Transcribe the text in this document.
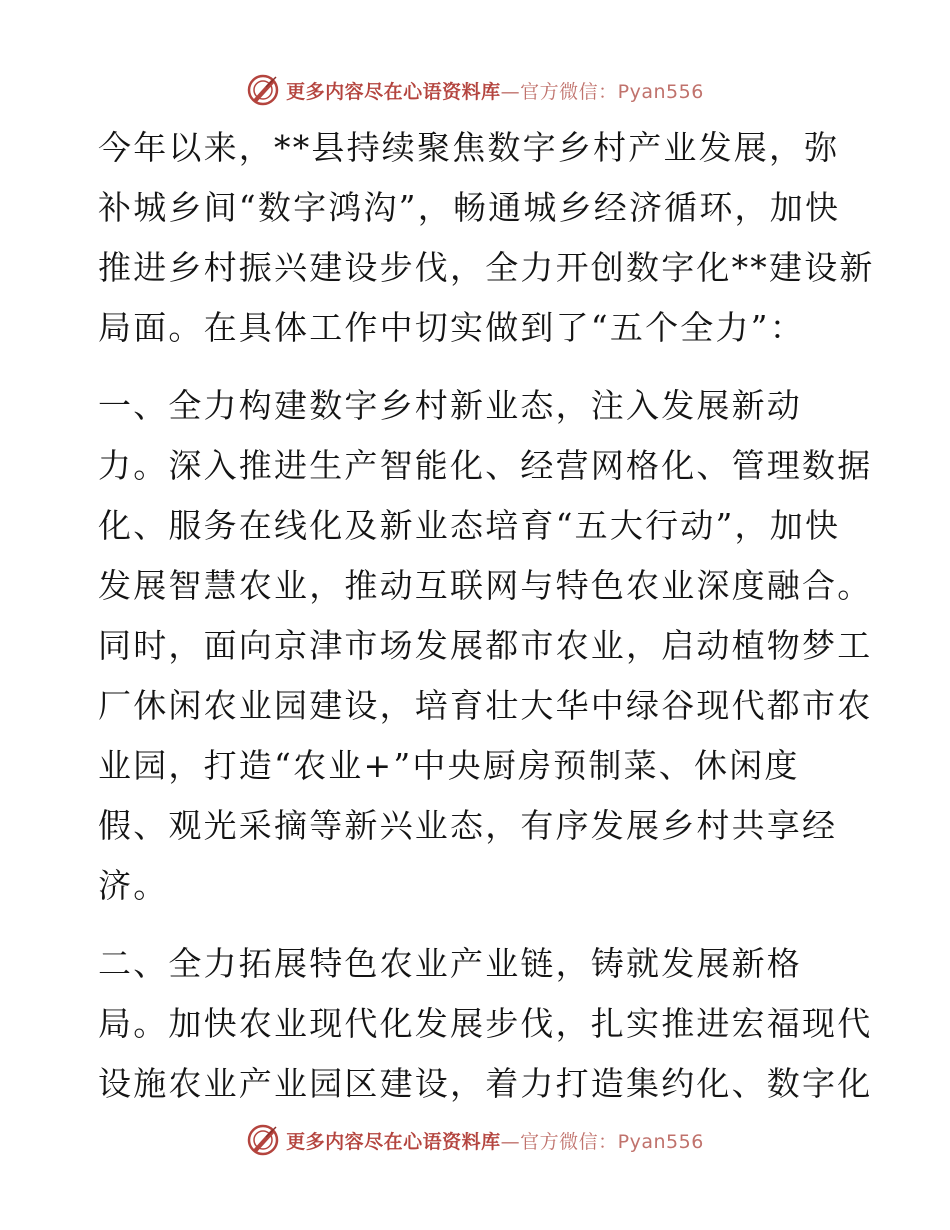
更多内容尽在心语资料库—官方微信：Pyan556
今年以来，**县持续聚焦数字乡村产业发展，弥
补城乡间“数字鸿沟”，畅通城乡经济循环，加快
推进乡村振兴建设步伐，全力开创数字化**建设新
局面。在具体工作中切实做到了“五个全力”：
一、全力构建数字乡村新业态，注入发展新动
力。深入推进生产智能化、经营网格化、管理数据
化、服务在线化及新业态培育“五大行动”，加快
发展智慧农业，推动互联网与特色农业深度融合。
同时，面向京津市场发展都市农业，启动植物梦工
厂休闲农业园建设，培育壮大华中绿谷现代都市农
业园，打造“农业+”中央厨房预制菜、休闲度
假、观光采摘等新兴业态，有序发展乡村共享经
济。
二、全力拓展特色农业产业链，铸就发展新格
局。加快农业现代化发展步伐，扎实推进宏福现代
设施农业产业园区建设，着力打造集约化、数字化
更多内容尽在心语资料库—官方微信：Pyan556
